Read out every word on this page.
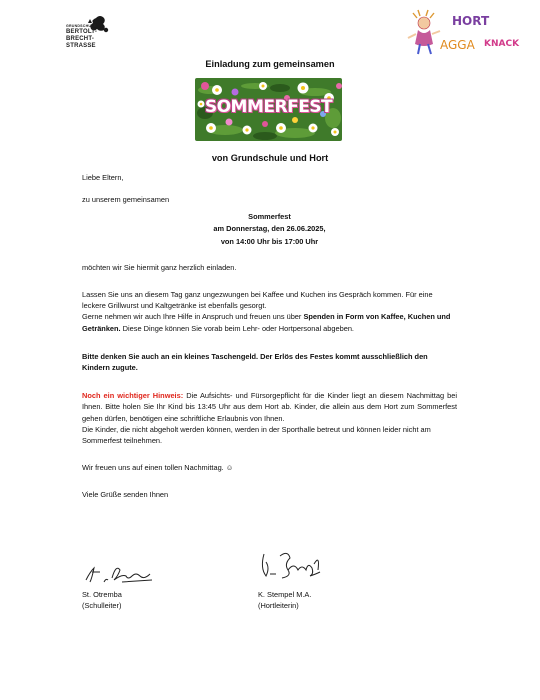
GRUNDSCHULE
BERTOLT-
BRECHT-
STRASSE
HORT
AGGA KNACK
Einladung zum gemeinsamen
SOMMERFEST
von Grundschule und Hort

Liebe Eltern,

zu unserem gemeinsamen

Sommerfest

am Donnerstag, den 26.06.2025,

von 14:00 Uhr bis 17:00 Uhr

möchten wir Sie hiermit ganz herzlich einladen.

Lassen Sie uns an diesem Tag ganz ungezwungen bei Kaffee und Kuchen ins Gespräch kommen. Für eine leckere Grillwurst und Kaltgetränke ist ebenfalls gesorgt.

Gerne nehmen wir auch Ihre Hilfe in Anspruch und freuen uns über Spenden in Form von Kaffee, Kuchen und Getränken. Diese Dinge können Sie vorab beim Lehr- oder Hortpersonal abgeben.

Bitte denken Sie auch an ein kleines Taschengeld. Der Erlös des Festes kommt ausschließlich den Kindern zugute.

Noch ein wichtiger Hinweis: Die Aufsichts- und Fürsorgepflicht für die Kinder liegt an diesem Nachmittag bei Ihnen. Bitte holen Sie Ihr Kind bis 13:45 Uhr aus dem Hort ab. Kinder, die allein aus dem Hort zum Sommerfest gehen dürfen, benötigen eine schriftliche Erlaubnis von Ihnen.

Die Kinder, die nicht abgeholt werden können, werden in der Sporthalle betreut und können leider nicht am Sommerfest teilnehmen.

Wir freuen uns auf einen tollen Nachmittag. ☺

Viele Grüße senden Ihnen

St. Otremba
(Schulleiter)
K. Stempel M.A.
(Hortleiterin)
